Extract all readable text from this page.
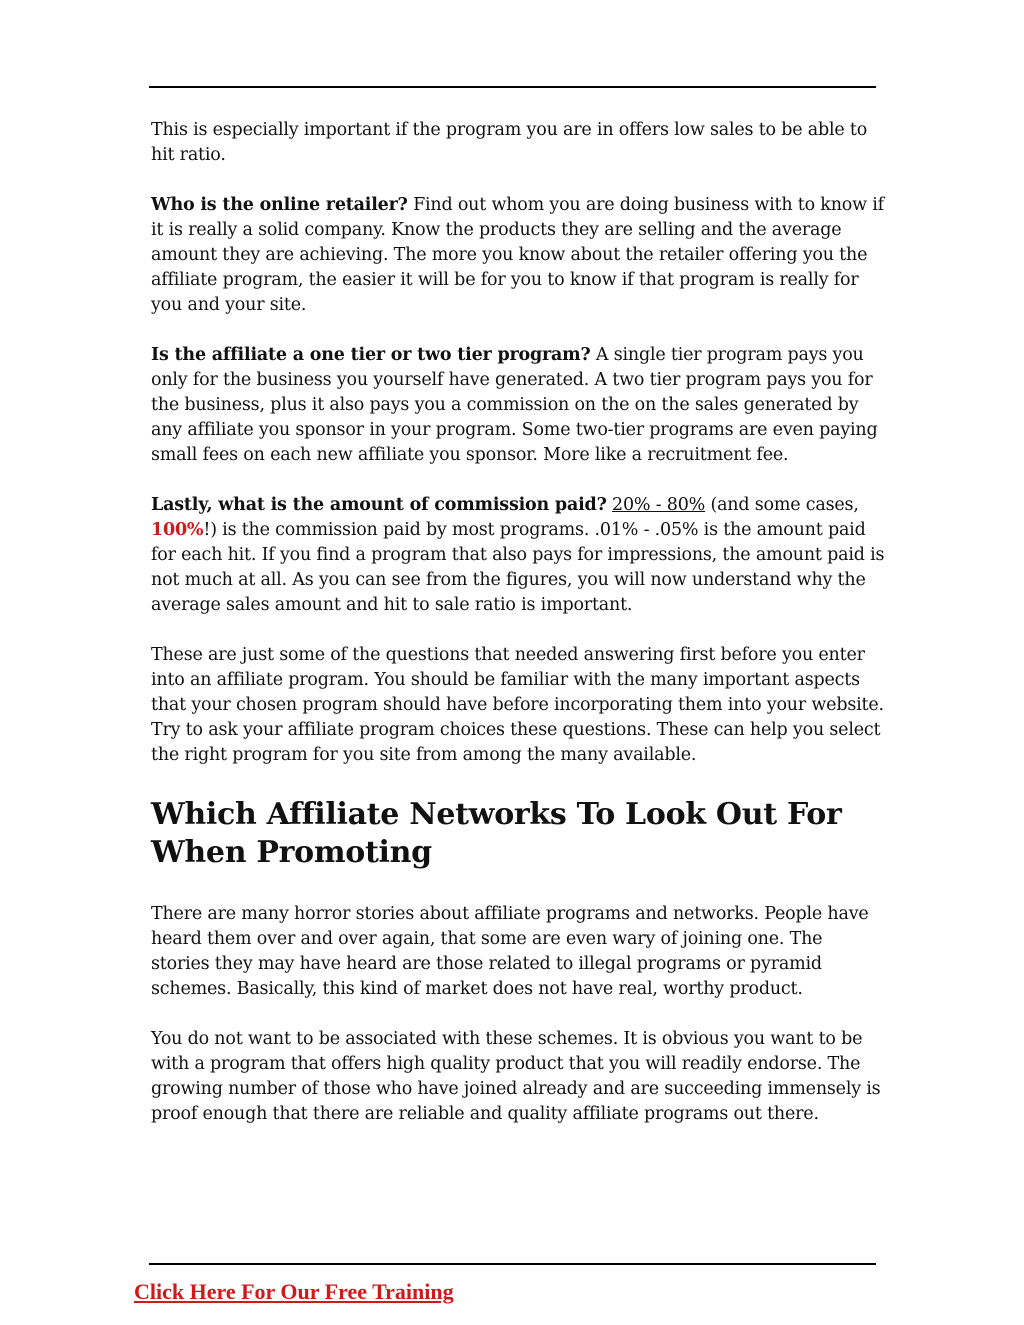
This is especially important if the program you are in offers low sales to be able to hit ratio.

Who is the online retailer? Find out whom you are doing business with to know if it is really a solid company. Know the products they are selling and the average amount they are achieving. The more you know about the retailer offering you the affiliate program, the easier it will be for you to know if that program is really for you and your site.

Is the affiliate a one tier or two tier program? A single tier program pays you only for the business you yourself have generated. A two tier program pays you for the business, plus it also pays you a commission on the on the sales generated by any affiliate you sponsor in your program. Some two-tier programs are even paying small fees on each new affiliate you sponsor. More like a recruitment fee.

Lastly, what is the amount of commission paid? 20% - 80% (and some cases, 100%!) is the commission paid by most programs. .01% - .05% is the amount paid for each hit. If you find a program that also pays for impressions, the amount paid is not much at all. As you can see from the figures, you will now understand why the average sales amount and hit to sale ratio is important.

These are just some of the questions that needed answering first before you enter into an affiliate program. You should be familiar with the many important aspects that your chosen program should have before incorporating them into your website. Try to ask your affiliate program choices these questions. These can help you select the right program for you site from among the many available.

Which Affiliate Networks To Look Out For When Promoting

There are many horror stories about affiliate programs and networks. People have heard them over and over again, that some are even wary of joining one. The stories they may have heard are those related to illegal programs or pyramid schemes. Basically, this kind of market does not have real, worthy product.

You do not want to be associated with these schemes. It is obvious you want to be with a program that offers high quality product that you will readily endorse. The growing number of those who have joined already and are succeeding immensely is proof enough that there are reliable and quality affiliate programs out there.

Click Here For Our Free Training
